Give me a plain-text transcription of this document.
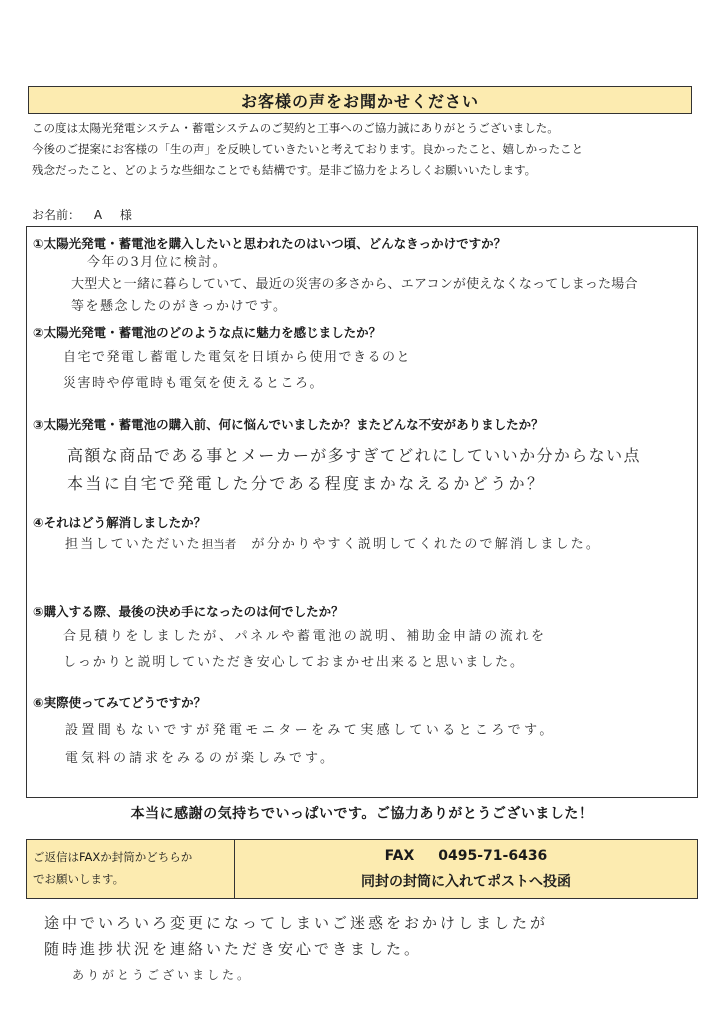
お客様の声をお聞かせください
この度は太陽光発電システム・蓄電システムのご契約と工事へのご協力誠にありがとうございました。
今後のご提案にお客様の「生の声」を反映していきたいと考えております。良かったこと、嬉しかったこと
残念だったこと、どのような些細なことでも結構です。是非ご協力をよろしくお願いいたします。
お名前： A 様
①太陽光発電・蓄電池を購入したいと思われたのはいつ頃、どんなきっかけですか？
今年の3月位に検討。
大型犬と一緒に暮らしていて、最近の災害の多さから、エアコンが使えなくなってしまった場合
等を懸念したのがきっかけです。
②太陽光発電・蓄電池のどのような点に魅力を感じましたか？
自宅で発電し蓄電した電気を日頃から使用できるのと
災害時や停電時も電気を使えるところ。
③太陽光発電・蓄電池の購入前、何に悩んでいましたか？またどんな不安がありましたか？
高額な商品である事とメーカーが多すぎてどれにしていいか分からない点
本当に自宅で発電した分である程度まかなえるかどうか？
④それはどう解消しましたか？
担当していただいた担当者　 が分かりやすく説明してくれたので解消しました。
⑤購入する際、最後の決め手になったのは何でしたか？
合見積りをしましたが、パネルや蓄電池の説明、補助金申請の流れを
しっかりと説明していただき安心しておまかせ出来ると思いました。
⑥実際使ってみてどうですか？
設置間もないですが発電モニターをみて実感しているところです。
電気料の請求をみるのが楽しみです。
本当に感謝の気持ちでいっぱいです。ご協力ありがとうございました！
ご返信はFAXか封筒かどちらか
でお願いします。
FAX 0495-71-6436
同封の封筒に入れてポストへ投函
途中でいろいろ変更になってしまいご迷惑をおかけしましたが
随時進捗状況を連絡いただき安心できました。
ありがとうございました。
